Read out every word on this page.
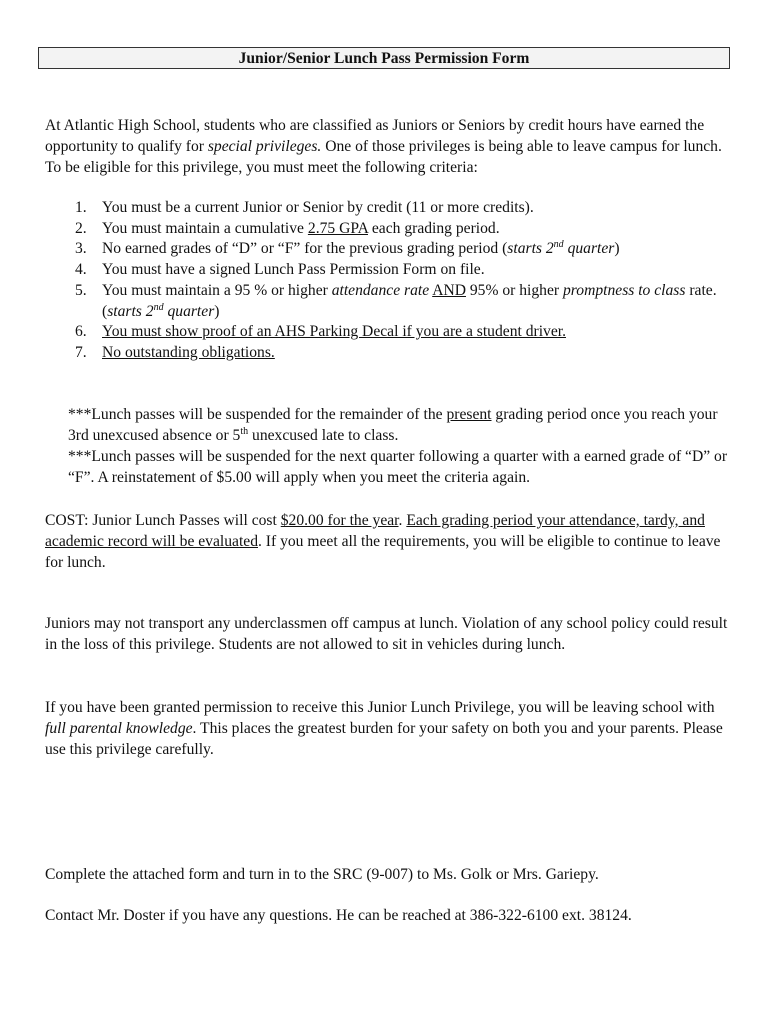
Junior/Senior Lunch Pass Permission Form

At Atlantic High School, students who are classified as Juniors or Seniors by credit hours have earned the opportunity to qualify for special privileges. One of those privileges is being able to leave campus for lunch. To be eligible for this privilege, you must meet the following criteria:

1. You must be a current Junior or Senior by credit (11 or more credits).
2. You must maintain a cumulative 2.75 GPA each grading period.
3. No earned grades of “D” or “F” for the previous grading period (starts 2nd quarter)
4. You must have a signed Lunch Pass Permission Form on file.
5. You must maintain a 95 % or higher attendance rate AND 95% or higher promptness to class rate. (starts 2nd quarter)
6. You must show proof of an AHS Parking Decal if you are a student driver.
7. No outstanding obligations.
***Lunch passes will be suspended for the remainder of the present grading period once you reach your 3rd unexcused absence or 5th unexcused late to class.
***Lunch passes will be suspended for the next quarter following a quarter with a earned grade of “D” or “F”. A reinstatement of $5.00 will apply when you meet the criteria again.

COST: Junior Lunch Passes will cost $20.00 for the year. Each grading period your attendance, tardy, and academic record will be evaluated. If you meet all the requirements, you will be eligible to continue to leave for lunch.

Juniors may not transport any underclassmen off campus at lunch. Violation of any school policy could result in the loss of this privilege. Students are not allowed to sit in vehicles during lunch.

If you have been granted permission to receive this Junior Lunch Privilege, you will be leaving school with full parental knowledge. This places the greatest burden for your safety on both you and your parents. Please use this privilege carefully.

Complete the attached form and turn in to the SRC (9-007) to Ms. Golk or Mrs. Gariepy.

Contact Mr. Doster if you have any questions. He can be reached at 386-322-6100 ext. 38124.
